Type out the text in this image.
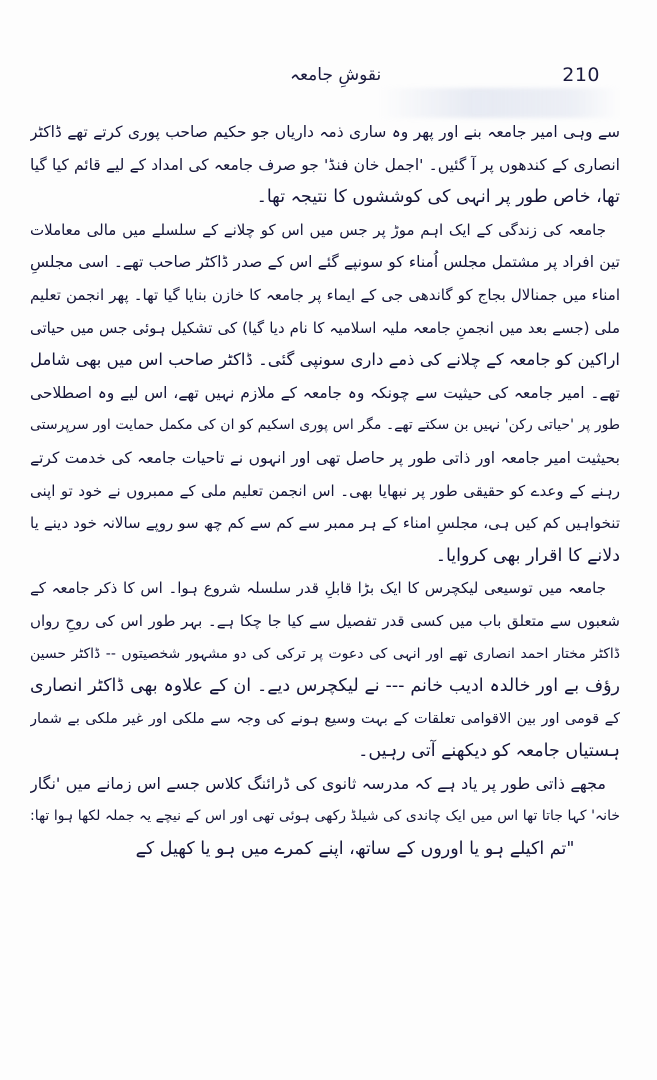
نقوشِ جامعہ	210
سے وہی امیر جامعہ بنے اور پھر وہ ساری ذمہ داریاں جو حکیم صاحب پوری کرتے تھے ڈاکٹر
انصاری کے کندھوں پر آ گئیں۔ 'اجمل خان فنڈ' جو صرف جامعہ کی امداد کے لیے قائم کیا گیا
تھا، خاص طور پر انہی کی کوششوں کا نتیجہ تھا۔
جامعہ کی زندگی کے ایک اہم موڑ پر جس میں اس کو چلانے کے سلسلے میں مالی معاملات
تین افراد پر مشتمل مجلس اُمناء کو سونپے گئے اس کے صدر ڈاکٹر صاحب تھے۔ اسی مجلسِ
امناء میں جمنالال بجاج کو گاندھی جی کے ایماء پر جامعہ کا خازن بنایا گیا تھا۔ پھر انجمن تعلیم
ملی (جسے بعد میں انجمنِ جامعہ ملیہ اسلامیہ کا نام دیا گیا) کی تشکیل ہوئی جس میں حیاتی
اراکین کو جامعہ کے چلانے کی ذمے داری سونپی گئی۔ ڈاکٹر صاحب اس میں بھی شامل
تھے۔ امیر جامعہ کی حیثیت سے چونکہ وہ جامعہ کے ملازم نہیں تھے، اس لیے وہ اصطلاحی
طور پر 'حیاتی رکن' نہیں بن سکتے تھے۔ مگر اس پوری اسکیم کو ان کی مکمل حمایت اور سرپرستی
بحیثیت امیر جامعہ اور ذاتی طور پر حاصل تھی اور انہوں نے تاحیات جامعہ کی خدمت کرتے
رہنے کے وعدے کو حقیقی طور پر نبھایا بھی۔ اس انجمن تعلیم ملی کے ممبروں نے خود تو اپنی
تنخواہیں کم کیں ہی، مجلسِ امناء کے ہر ممبر سے کم سے کم چھ سو روپے سالانہ خود دینے یا
دلانے کا اقرار بھی کروایا۔
جامعہ میں توسیعی لیکچرس کا ایک بڑا قابلِ قدر سلسلہ شروع ہوا۔ اس کا ذکر جامعہ کے
شعبوں سے متعلق باب میں کسی قدر تفصیل سے کیا جا چکا ہے۔ بہر طور اس کی روحِ رواں
ڈاکٹر مختار احمد انصاری تھے اور انہی کی دعوت پر ترکی کی دو مشہور شخصیتوں -- ڈاکٹر حسین
رؤف بے اور خالدہ ادیب خانم --- نے لیکچرس دیے۔ ان کے علاوہ بھی ڈاکٹر انصاری
کے قومی اور بین الاقوامی تعلقات کے بہت وسیع ہونے کی وجہ سے ملکی اور غیر ملکی بے شمار
ہستیاں جامعہ کو دیکھنے آتی رہیں۔
مجھے ذاتی طور پر یاد ہے کہ مدرسہ ثانوی کی ڈرائنگ کلاس جسے اس زمانے میں 'نگار
خانہ' کہا جاتا تھا اس میں ایک چاندی کی شیلڈ رکھی ہوئی تھی اور اس کے نیچے یہ جملہ لکھا ہوا تھا:
"تم اکیلے ہو یا اوروں کے ساتھ، اپنے کمرے میں ہو یا کھیل کے
